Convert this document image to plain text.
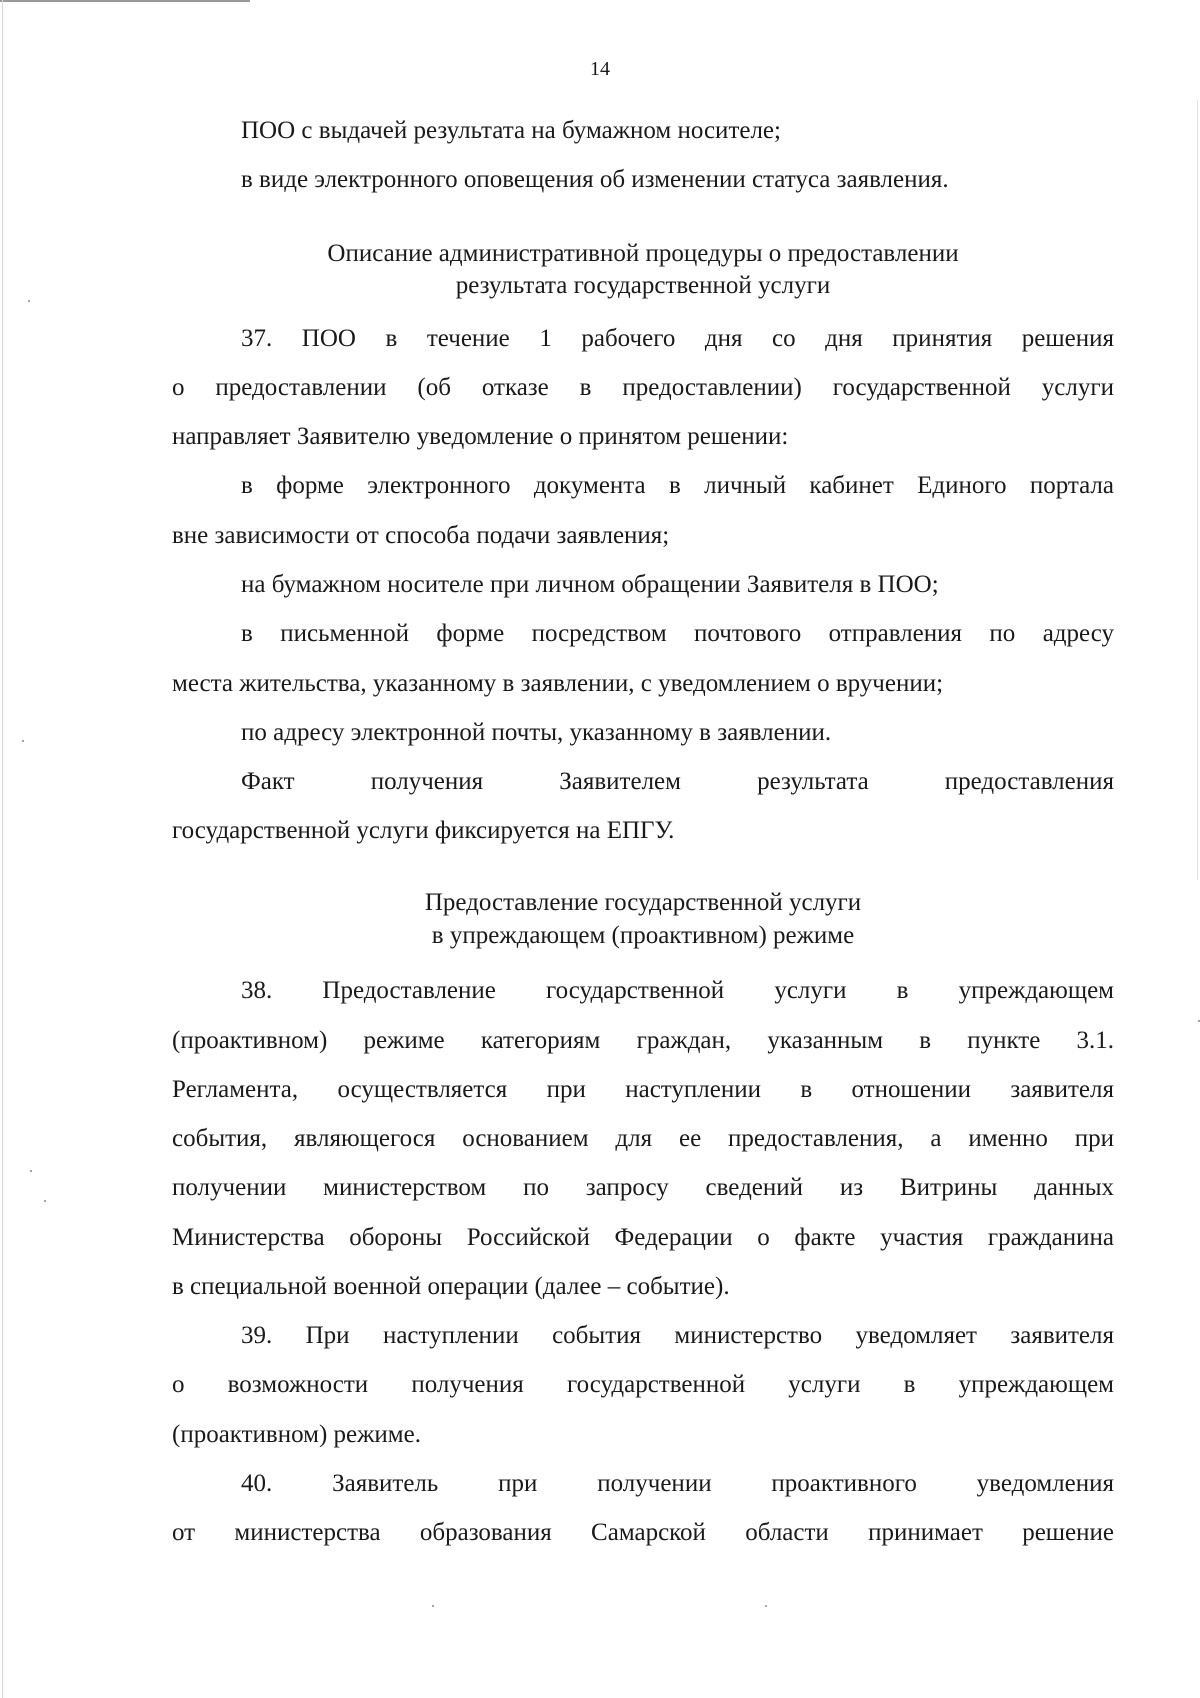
14
ПОО с выдачей результата на бумажном носителе;
в виде электронного оповещения об изменении статуса заявления.
Описание административной процедуры о предоставлении
результата государственной услуги
37. ПОО в течение 1 рабочего дня со дня принятия решения
о предоставлении (об отказе в предоставлении) государственной услуги
направляет Заявителю уведомление о принятом решении:
в форме электронного документа в личный кабинет Единого портала
вне зависимости от способа подачи заявления;
на бумажном носителе при личном обращении Заявителя в ПОО;
в письменной форме посредством почтового отправления по адресу
места жительства, указанному в заявлении, с уведомлением о вручении;
по адресу электронной почты, указанному в заявлении.
Факт получения Заявителем результата предоставления
государственной услуги фиксируется на ЕПГУ.
Предоставление государственной услуги
в упреждающем (проактивном) режиме
38. Предоставление государственной услуги в упреждающем
(проактивном) режиме категориям граждан, указанным в пункте 3.1.
Регламента, осуществляется при наступлении в отношении заявителя
события, являющегося основанием для ее предоставления, а именно при
получении министерством по запросу сведений из Витрины данных
Министерства обороны Российской Федерации о факте участия гражданина
в специальной военной операции (далее – событие).
39. При наступлении события министерство уведомляет заявителя
о возможности получения государственной услуги в упреждающем
(проактивном) режиме.
40. Заявитель при получении проактивного уведомления
от министерства образования Самарской области принимает решение
